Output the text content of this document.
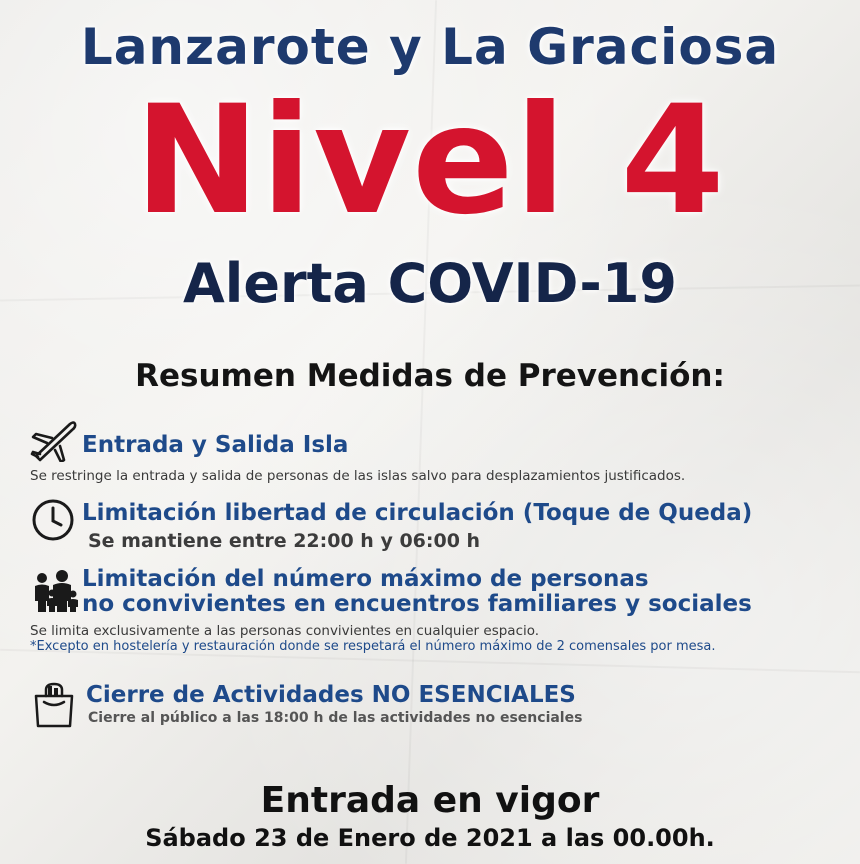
Lanzarote y La Graciosa
Nivel 4
Alerta COVID-19
Resumen Medidas de Prevención:
Entrada y Salida Isla
Se restringe la entrada y salida de personas de las islas salvo para desplazamientos justificados.
Limitación libertad de circulación (Toque de Queda)
Se mantiene entre 22:00 h y 06:00 h
Limitación del número máximo de personas
no convivientes en encuentros familiares y sociales
Se limita exclusivamente a las personas convivientes en cualquier espacio.
*Excepto en hostelería y restauración donde se respetará el número máximo de 2 comensales por mesa.
Cierre de Actividades NO ESENCIALES
Cierre al público a las 18:00 h de las actividades no esenciales
Entrada en vigor
Sábado 23 de Enero de 2021 a las 00.00h.
